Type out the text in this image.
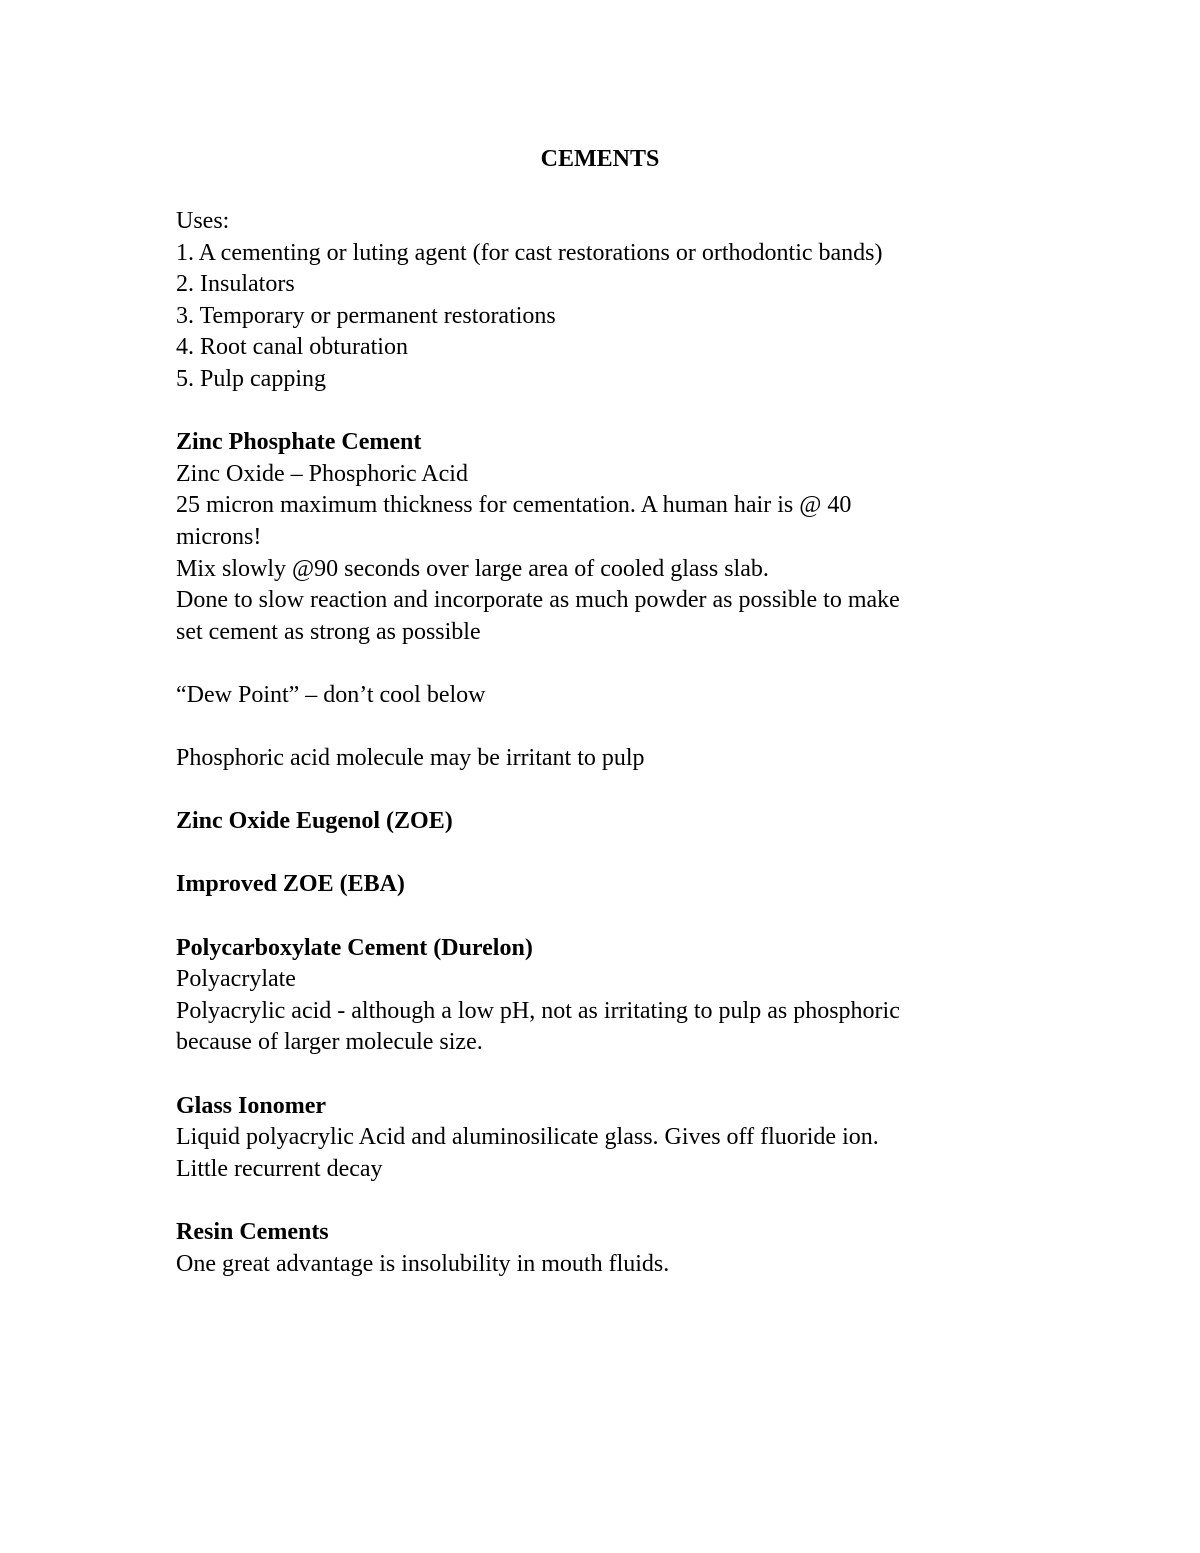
CEMENTS
Uses:
1. A cementing or luting agent (for cast restorations or orthodontic bands)
2. Insulators
3. Temporary or permanent restorations
4. Root canal obturation
5. Pulp capping
Zinc Phosphate Cement
Zinc Oxide – Phosphoric Acid
25 micron maximum thickness for cementation. A human hair is @ 40
microns!
Mix slowly @90 seconds over large area of cooled glass slab.
Done to slow reaction and incorporate as much powder as possible to make
set cement as strong as possible
“Dew Point” – don’t cool below
Phosphoric acid molecule may be irritant to pulp
Zinc Oxide Eugenol (ZOE)
Improved ZOE (EBA)
Polycarboxylate Cement (Durelon)
Polyacrylate
Polyacrylic acid - although a low pH, not as irritating to pulp as phosphoric
because of larger molecule size.
Glass Ionomer
Liquid polyacrylic Acid and aluminosilicate glass. Gives off fluoride ion.
Little recurrent decay
Resin Cements
One great advantage is insolubility in mouth fluids.
